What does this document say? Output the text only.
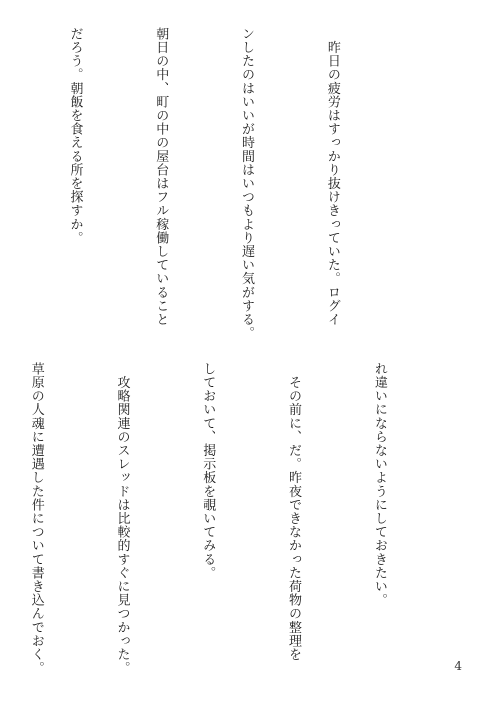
　昨日の疲労はすっかり抜けきっていた。ログイ

ンしたのはいいが時間はいつもより遅い気がする。

朝日の中、町の中の屋台はフル稼働していること

だろう。朝飯を食える所を探すか。

れ違いにならないようにしておきたい。

　その前に、だ。昨夜できなかった荷物の整理を

しておいて、掲示板を覗いてみる。

　攻略関連のスレッドは比較的すぐに見つかった。

草原の人魂に遭遇した件について書き込んでおく。

	4
